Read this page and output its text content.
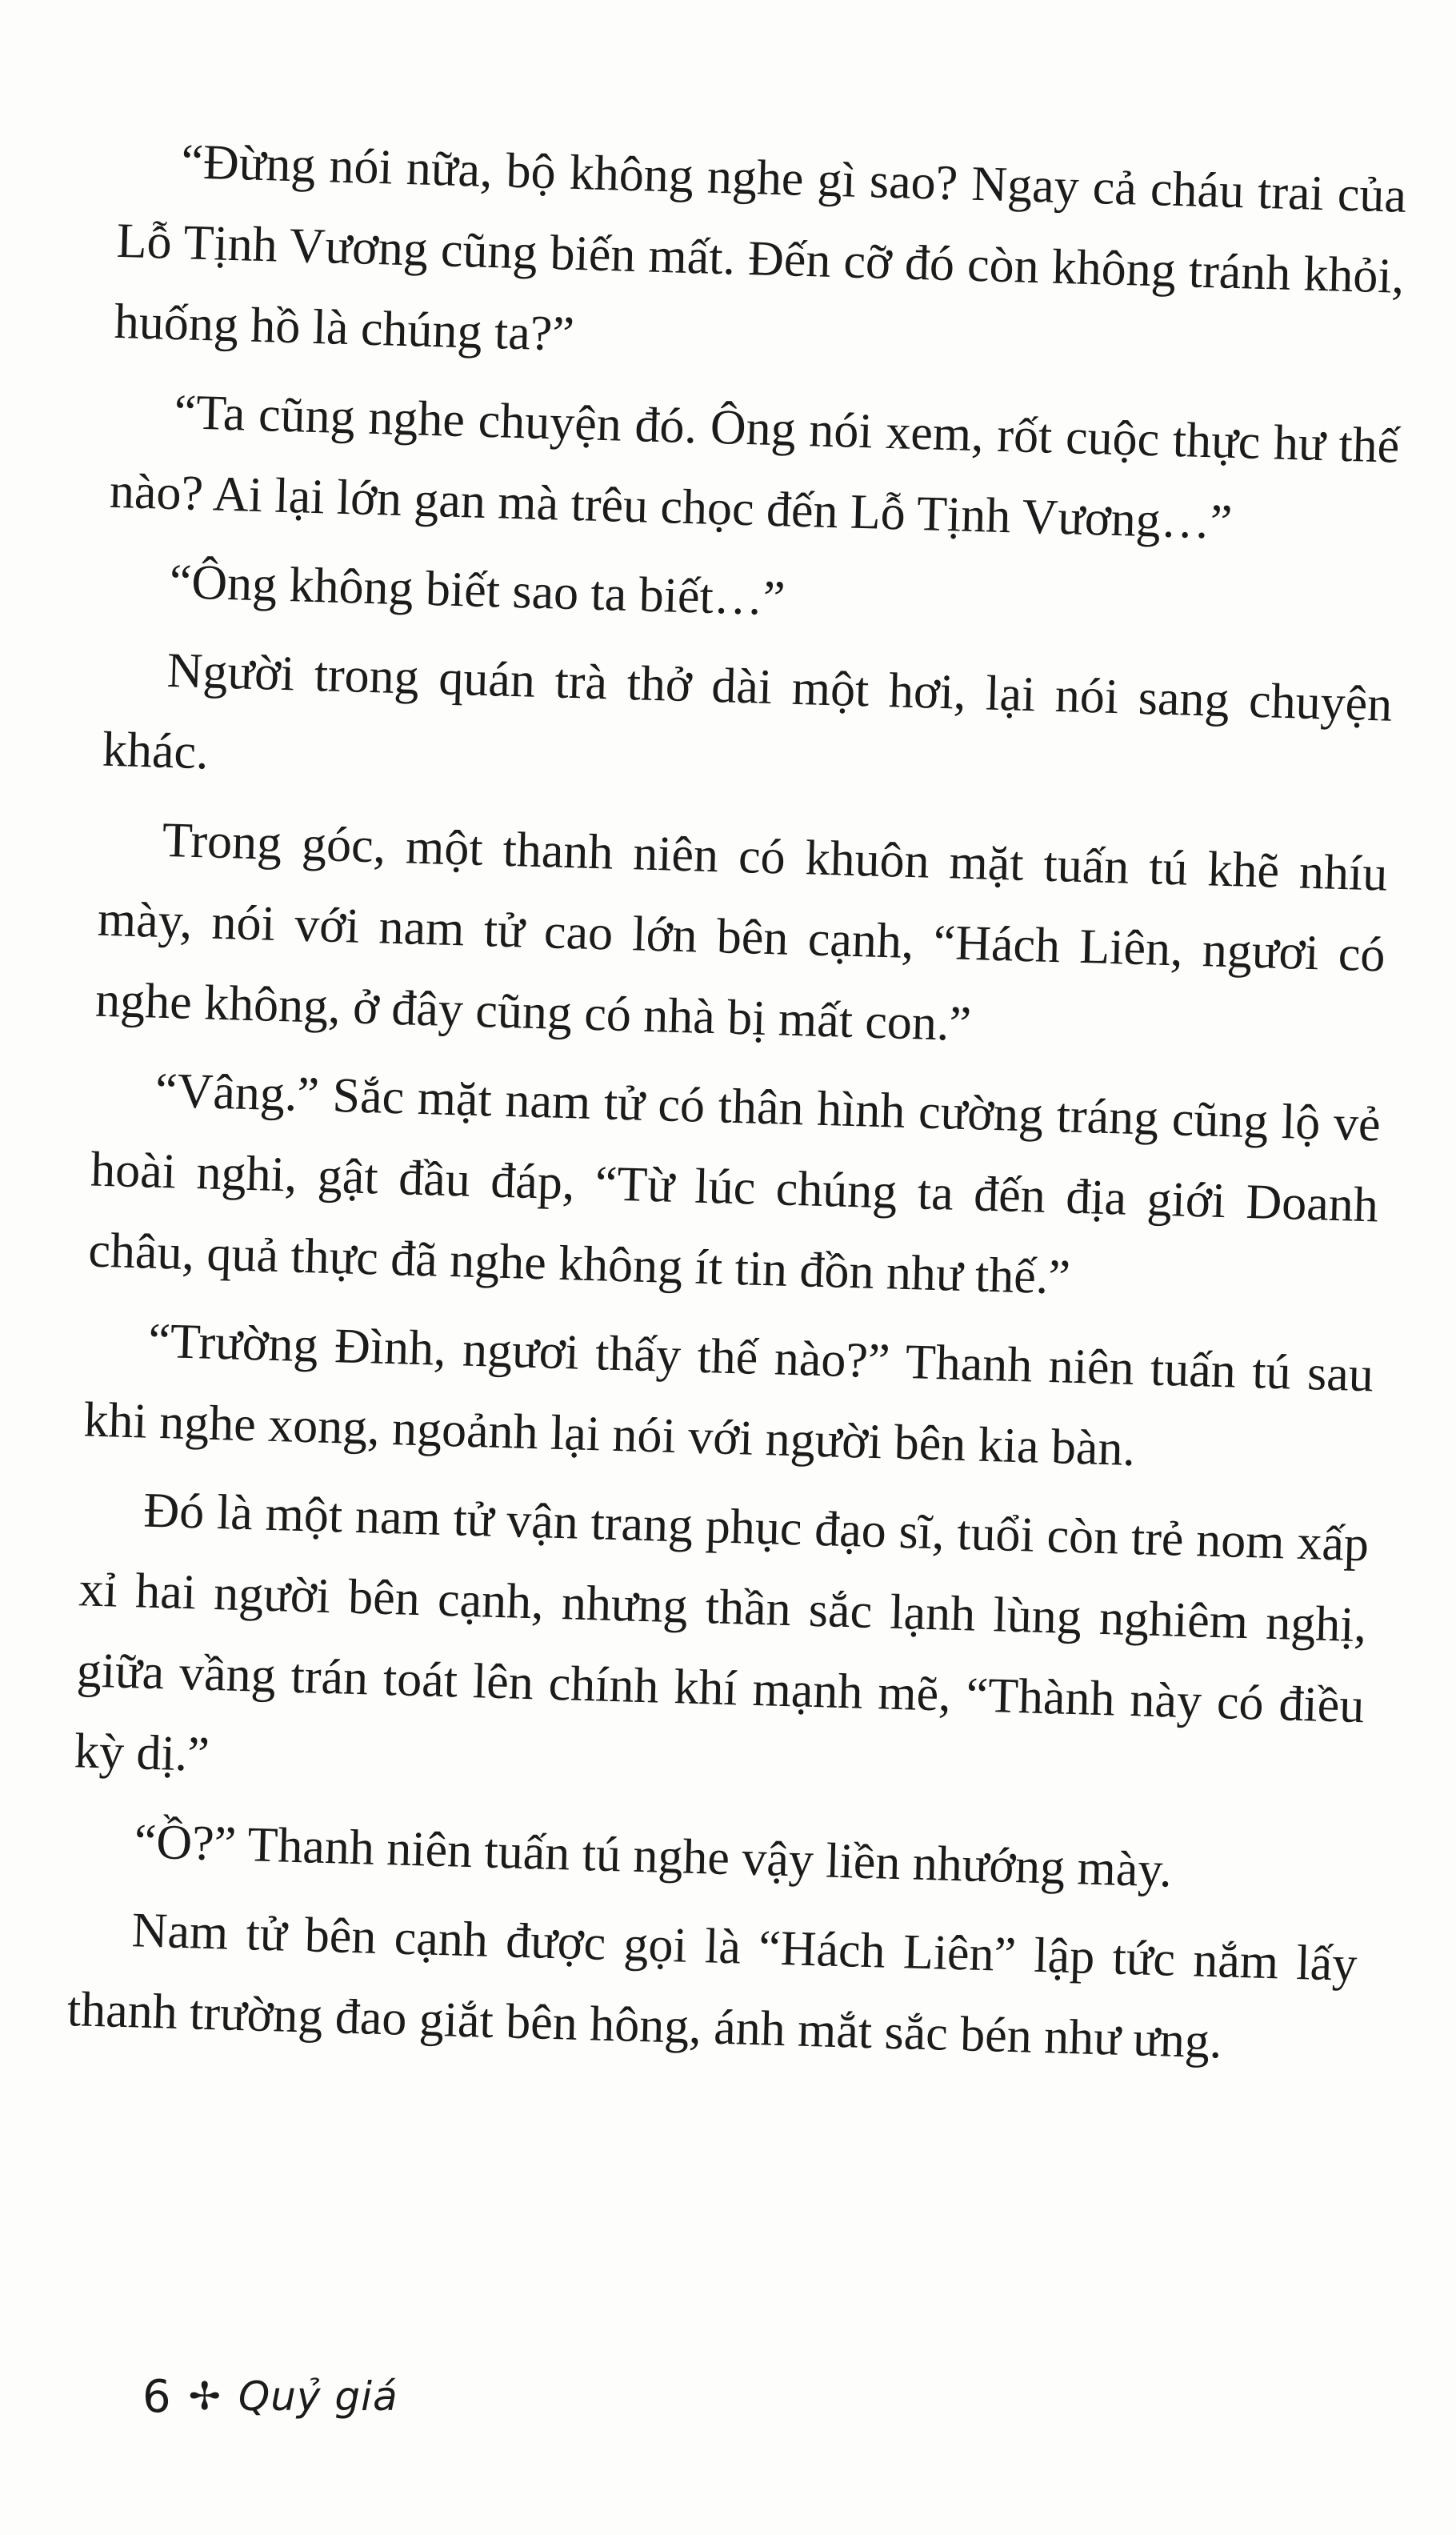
“Đừng nói nữa, bộ không nghe gì sao? Ngay cả cháu trai của Lỗ Tịnh Vương cũng biến mất. Đến cỡ đó còn không tránh khỏi, huống hồ là chúng ta?”

“Ta cũng nghe chuyện đó. Ông nói xem, rốt cuộc thực hư thế nào? Ai lại lớn gan mà trêu chọc đến Lỗ Tịnh Vương…”

“Ông không biết sao ta biết…”

Người trong quán trà thở dài một hơi, lại nói sang chuyện khác.

Trong góc, một thanh niên có khuôn mặt tuấn tú khẽ nhíu mày, nói với nam tử cao lớn bên cạnh, “Hách Liên, ngươi có nghe không, ở đây cũng có nhà bị mất con.”

“Vâng.” Sắc mặt nam tử có thân hình cường tráng cũng lộ vẻ hoài nghi, gật đầu đáp, “Từ lúc chúng ta đến địa giới Doanh châu, quả thực đã nghe không ít tin đồn như thế.”

“Trường Đình, ngươi thấy thế nào?” Thanh niên tuấn tú sau khi nghe xong, ngoảnh lại nói với người bên kia bàn.

Đó là một nam tử vận trang phục đạo sĩ, tuổi còn trẻ nom xấp xỉ hai người bên cạnh, nhưng thần sắc lạnh lùng nghiêm nghị, giữa vầng trán toát lên chính khí mạnh mẽ, “Thành này có điều kỳ dị.”

“Ồ?” Thanh niên tuấn tú nghe vậy liền nhướng mày.

Nam tử bên cạnh được gọi là “Hách Liên” lập tức nắm lấy thanh trường đao giắt bên hông, ánh mắt sắc bén như ưng.

6 ✢ Quỷ giá
